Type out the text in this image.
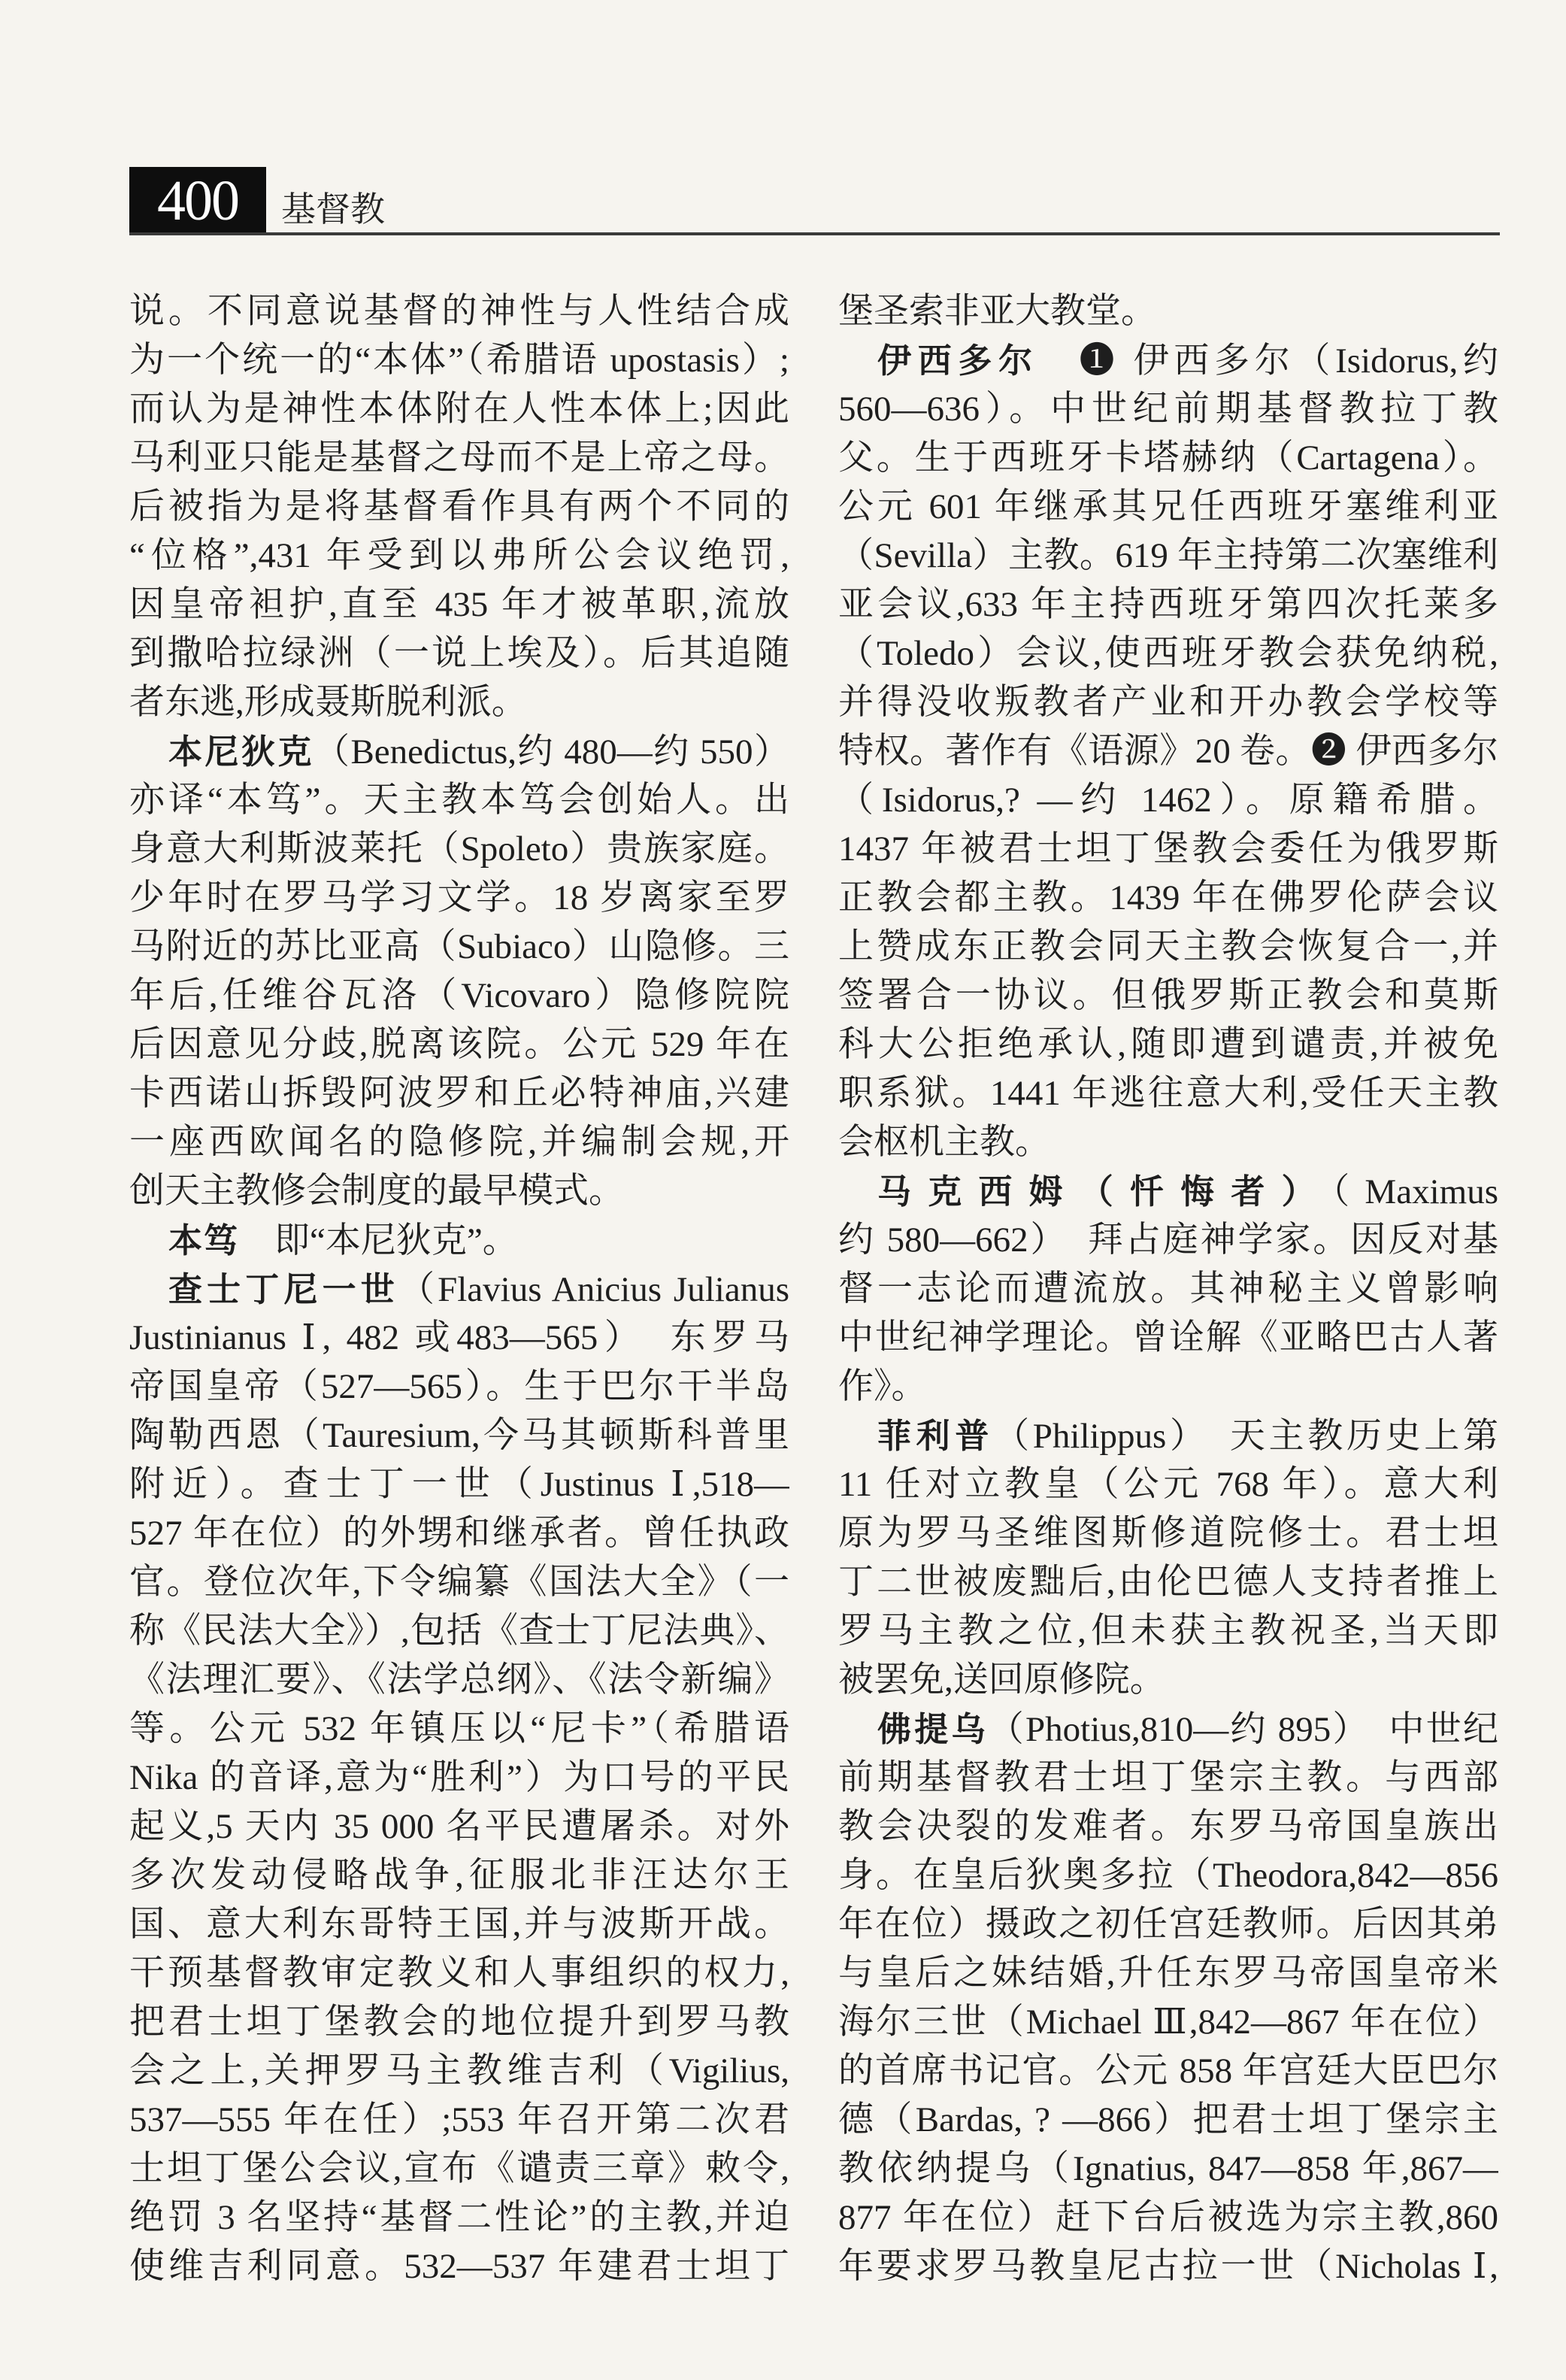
400	基督教
说。不同意说基督的神性与人性结合成
为一个统一的“本体”（希腊语 upostasis）;
而认为是神性本体附在人性本体上;因此
马利亚只能是基督之母而不是上帝之母。
后被指为是将基督看作具有两个不同的
“位格”,431 年受到以弗所公会议绝罚,
因皇帝袒护,直至 435 年才被革职,流放
到撒哈拉绿洲（一说上埃及）。后其追随
者东逃,形成聂斯脱利派。
本尼狄克（Benedictus,约 480—约 550）
亦译“本笃”。天主教本笃会创始人。出
身意大利斯波莱托（Spoleto）贵族家庭。
少年时在罗马学习文学。18 岁离家至罗
马附近的苏比亚高（Subiaco）山隐修。三
年后,任维谷瓦洛（Vicovaro）隐修院院
后因意见分歧,脱离该院。公元 529 年在
卡西诺山拆毁阿波罗和丘必特神庙,兴建
一座西欧闻名的隐修院,并编制会规,开
创天主教修会制度的最早模式。
本笃　即“本尼狄克”。
查士丁尼一世（Flavius Anicius Julianus
Justinianus Ⅰ, 482 或483—565）　东罗马
帝国皇帝（527—565）。生于巴尔干半岛
陶勒西恩（Tauresium,今马其顿斯科普里
附近）。查士丁一世（Justinus Ⅰ,518—
527 年在位）的外甥和继承者。曾任执政
官。登位次年,下令编纂《国法大全》（一
称《民法大全》）,包括《查士丁尼法典》、
《法理汇要》、《法学总纲》、《法令新编》
等。公元 532 年镇压以“尼卡”（希腊语
Nika 的音译,意为“胜利”）为口号的平民
起义,5 天内 35 000 名平民遭屠杀。对外
多次发动侵略战争,征服北非汪达尔王
国、意大利东哥特王国,并与波斯开战。
干预基督教审定教义和人事组织的权力,
把君士坦丁堡教会的地位提升到罗马教
会之上,关押罗马主教维吉利（Vigilius,
537—555 年在任）;553 年召开第二次君
士坦丁堡公会议,宣布《谴责三章》敕令,
绝罚 3 名坚持“基督二性论”的主教,并迫
使维吉利同意。532—537 年建君士坦丁
堡圣索非亚大教堂。
伊西多尔　❶ 伊西多尔（Isidorus,约
560—636）。中世纪前期基督教拉丁教
父。生于西班牙卡塔赫纳（Cartagena）。
公元 601 年继承其兄任西班牙塞维利亚
（Sevilla）主教。619 年主持第二次塞维利
亚会议,633 年主持西班牙第四次托莱多
（Toledo）会议,使西班牙教会获免纳税,
并得没收叛教者产业和开办教会学校等
特权。著作有《语源》20 卷。❷ 伊西多尔
（Isidorus,? —约 1462）。原籍希腊。
1437 年被君士坦丁堡教会委任为俄罗斯
正教会都主教。1439 年在佛罗伦萨会议
上赞成东正教会同天主教会恢复合一,并
签署合一协议。但俄罗斯正教会和莫斯
科大公拒绝承认,随即遭到谴责,并被免
职系狱。1441 年逃往意大利,受任天主教
会枢机主教。
马克西姆（忏悔者）（Maximus
约 580—662）　拜占庭神学家。因反对基
督一志论而遭流放。其神秘主义曾影响
中世纪神学理论。曾诠解《亚略巴古人著
作》。
菲利普（Philippus）　天主教历史上第
11 任对立教皇（公元 768 年）。意大利
原为罗马圣维图斯修道院修士。君士坦
丁二世被废黜后,由伦巴德人支持者推上
罗马主教之位,但未获主教祝圣,当天即
被罢免,送回原修院。
佛提乌（Photius,810—约 895）　中世纪
前期基督教君士坦丁堡宗主教。与西部
教会决裂的发难者。东罗马帝国皇族出
身。在皇后狄奥多拉（Theodora,842—856
年在位）摄政之初任宫廷教师。后因其弟
与皇后之妹结婚,升任东罗马帝国皇帝米
海尔三世（Michael Ⅲ,842—867 年在位）
的首席书记官。公元 858 年宫廷大臣巴尔
德（Bardas, ? —866）把君士坦丁堡宗主
教依纳提乌（Ignatius, 847—858 年,867—
877 年在位）赶下台后被选为宗主教,860
年要求罗马教皇尼古拉一世（Nicholas Ⅰ,
